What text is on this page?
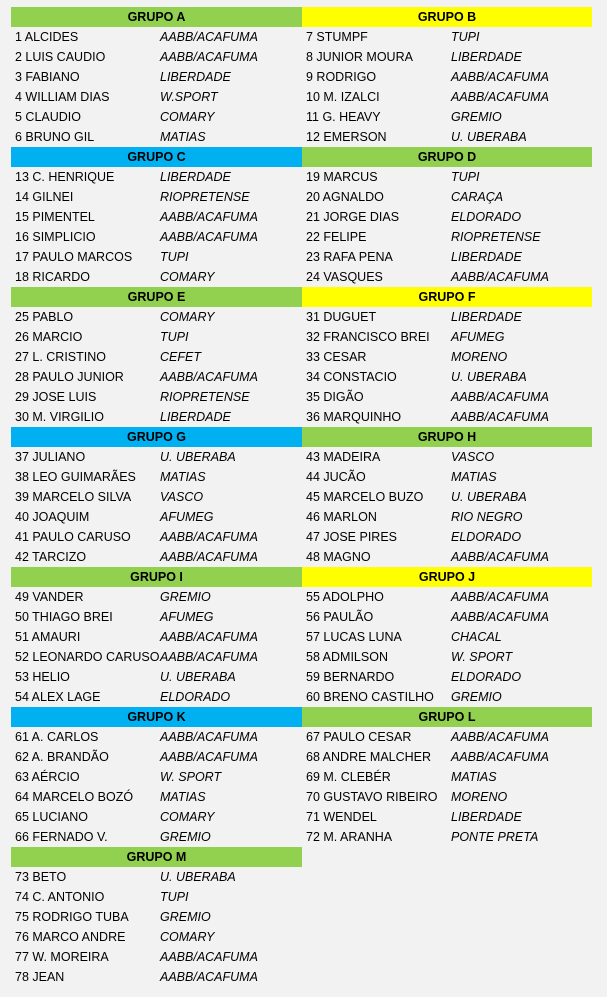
GRUPO A
1 ALCIDES	AABB/ACAFUMA
2 LUIS CAUDIO	AABB/ACAFUMA
3 FABIANO	LIBERDADE
4 WILLIAM DIAS	W.SPORT
5 CLAUDIO	COMARY
6 BRUNO GIL	MATIAS
GRUPO B
7 STUMPF	TUPI
8 JUNIOR MOURA	LIBERDADE
9 RODRIGO	AABB/ACAFUMA
10 M. IZALCI	AABB/ACAFUMA
11 G. HEAVY	GREMIO
12 EMERSON	U. UBERABA
GRUPO C
13 C. HENRIQUE	LIBERDADE
14 GILNEI	RIOPRETENSE
15 PIMENTEL	AABB/ACAFUMA
16 SIMPLICIO	AABB/ACAFUMA
17 PAULO MARCOS TUPI
18 RICARDO	COMARY
GRUPO D
19 MARCUS	TUPI
20 AGNALDO	CARAÇA
21 JORGE DIAS	ELDORADO
22 FELIPE	RIOPRETENSE
23 RAFA PENA	LIBERDADE
24 VASQUES	AABB/ACAFUMA
GRUPO E
25 PABLO	COMARY
26 MARCIO	TUPI
27 L. CRISTINO	CEFET
28 PAULO JUNIOR	AABB/ACAFUMA
29 JOSE LUIS	RIOPRETENSE
30 M. VIRGILIO	LIBERDADE
GRUPO F
31 DUGUET	LIBERDADE
32 FRANCISCO BREI AFUMEG
33 CESAR	MORENO
34 CONSTACIO	U. UBERABA
35 DIGÃO	AABB/ACAFUMA
36 MARQUINHO	AABB/ACAFUMA
GRUPO G
37 JULIANO	U. UBERABA
38 LEO GUIMARÃES MATIAS
39 MARCELO SILVA VASCO
40 JOAQUIM	AFUMEG
41 PAULO CARUSO AABB/ACAFUMA
42 TARCIZO	AABB/ACAFUMA
GRUPO H
43 MADEIRA	VASCO
44 JUCÃO	MATIAS
45 MARCELO BUZO U. UBERABA
46 MARLON	RIO NEGRO
47 JOSE PIRES	ELDORADO
48 MAGNO	AABB/ACAFUMA
GRUPO I
49 VANDER	GREMIO
50 THIAGO BREI	AFUMEG
51 AMAURI	AABB/ACAFUMA
52 LEONARDO CARUSO AABB/ACAFUMA
53 HELIO	U. UBERABA
54 ALEX LAGE	ELDORADO
GRUPO J
55 ADOLPHO	AABB/ACAFUMA
56 PAULÃO	AABB/ACAFUMA
57 LUCAS LUNA	CHACAL
58 ADMILSON	W. SPORT
59 BERNARDO	ELDORADO
60 BRENO CASTILHO GREMIO
GRUPO K
61 A. CARLOS	AABB/ACAFUMA
62 A. BRANDÃO	AABB/ACAFUMA
63 AÉRCIO	W. SPORT
64 MARCELO BOZÓ MATIAS
65 LUCIANO	COMARY
66 FERNADO V.	GREMIO
GRUPO L
67 PAULO CESAR	AABB/ACAFUMA
68 ANDRE MALCHER AABB/ACAFUMA
69 M. CLEBÉR	MATIAS
70 GUSTAVO RIBEIRO MORENO
71 WENDEL	LIBERDADE
72 M. ARANHA	PONTE PRETA
GRUPO M
73 BETO	U. UBERABA
74 C. ANTONIO	TUPI
75 RODRIGO TUBA	GREMIO
76 MARCO ANDRE	COMARY
77 W. MOREIRA	AABB/ACAFUMA
78 JEAN	AABB/ACAFUMA
